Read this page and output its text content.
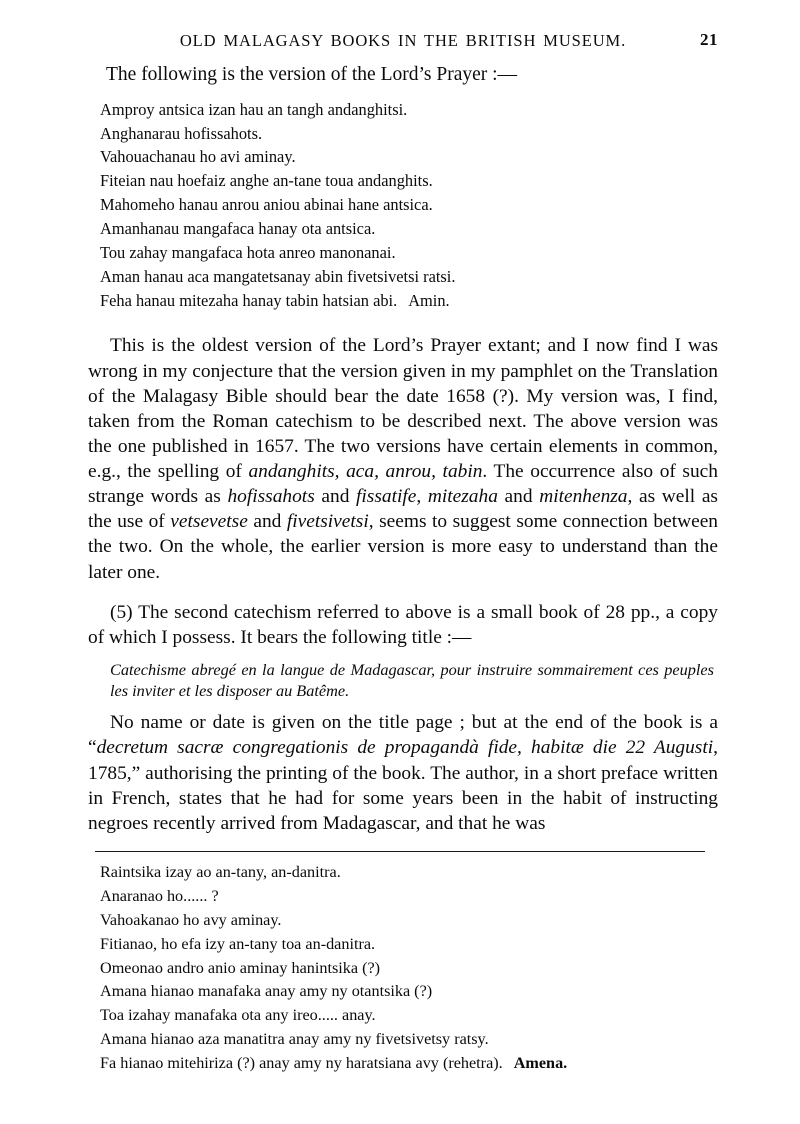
OLD MALAGASY BOOKS IN THE BRITISH MUSEUM.	21
The following is the version of the Lord’s Prayer :—
Amproy antsica izan hau an tangh andanghitsi.
Anghanarau hofissahots.
Vahouachanau ho avi aminay.
Fiteian nau hoefaiz anghe an-tane toua andanghits.
Mahomeho hanau anrou aniou abinai hane antsica.
Amanhanau mangafaca hanay ota antsica.
Tou zahay mangafaca hota anreo manonanai.
Aman hanau aca mangatetsanay abin fivetsivetsi ratsi.
Feha hanau mitezaha hanay tabin hatsian abi. Amin.

This is the oldest version of the Lord’s Prayer extant; and I now find I was wrong in my conjecture that the version given in my pamphlet on the Translation of the Malagasy Bible should bear the date 1658 (?). My version was, I find, taken from the Roman catechism to be described next. The above version was the one published in 1657. The two versions have certain elements in common, e.g., the spelling of andanghits, aca, anrou, tabin. The occurrence also of such strange words as hofissahots and fissatife, mitezaha and mitenhenza, as well as the use of vetsevetse and fivetsivetsi, seems to suggest some connection between the two. On the whole, the earlier version is more easy to understand than the later one.

(5) The second catechism referred to above is a small book of 28 pp., a copy of which I possess. It bears the following title :—

Catechisme abregé en la langue de Madagascar, pour instruire sommairement ces peuples les inviter et les disposer au Batême.

No name or date is given on the title page ; but at the end of the book is a “decretum sacræ congregationis de propagandà fide, habitæ die 22 Augusti, 1785,” authorising the printing of the book. The author, in a short preface written in French, states that he had for some years been in the habit of instructing negroes recently arrived from Madagascar, and that he was

Raintsika izay ao an-tany, an-danitra.
Anaranao ho...... ?
Vahoakanao ho avy aminay.
Fitianao, ho efa izy an-tany toa an-danitra.
Omeonao andro anio aminay hanintsika (?)
Amana hianao manafaka anay amy ny otantsika (?)
Toa izahay manafaka ota any ireo..... anay.
Amana hianao aza manatitra anay amy ny fivetsivetsy ratsy.
Fa hianao mitehiriza (?) anay amy ny haratsiana avy (rehetra). Amena.
